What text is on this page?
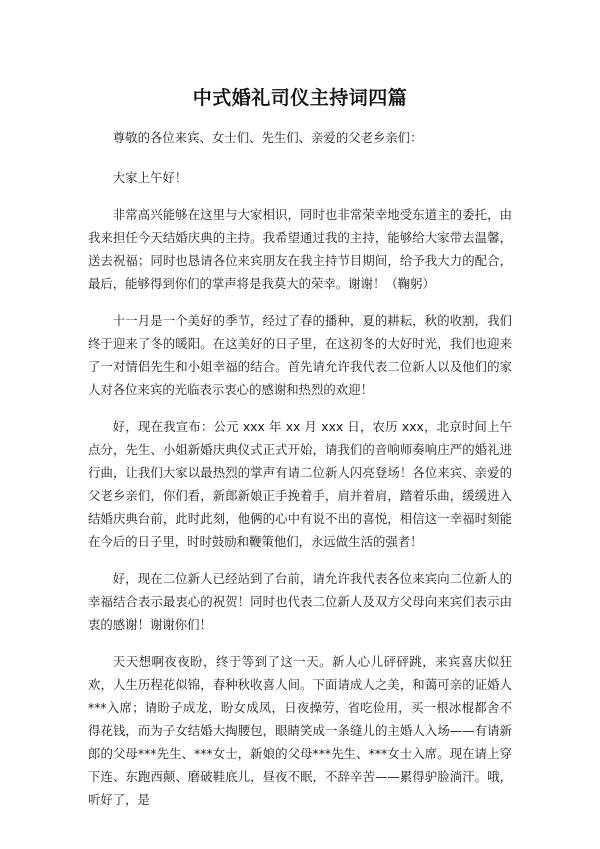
中式婚礼司仪主持词四篇

尊敬的各位来宾、女士们、先生们、亲爱的父老乡亲们：

大家上午好！

非常高兴能够在这里与大家相识，同时也非常荣幸地受东道主的委托，由我来担任今天结婚庆典的主持。我希望通过我的主持，能够给大家带去温馨，送去祝福；同时也恳请各位来宾朋友在我主持节目期间，给予我大力的配合，最后，能够得到你们的掌声将是我莫大的荣幸。谢谢！（鞠躬）

十一月是一个美好的季节，经过了春的播种，夏的耕耘，秋的收割，我们终于迎来了冬的暖阳。在这美好的日子里，在这初冬的大好时光，我们也迎来了一对情侣先生和小姐幸福的结合。首先请允许我代表二位新人以及他们的家人对各位来宾的光临表示衷心的感谢和热烈的欢迎！

好，现在我宣布：公元 xxx 年 xx 月 xxx 日，农历 xxx，北京时间上午点分，先生、小姐新婚庆典仪式正式开始，请我们的音响师奏响庄严的婚礼进行曲，让我们大家以最热烈的掌声有请二位新人闪亮登场！各位来宾、亲爱的父老乡亲们，你们看，新郎新娘正手挽着手，肩并着肩，踏着乐曲，缓缓进入结婚庆典台前，此时此刻，他俩的心中有说不出的喜悦，相信这一幸福时刻能在今后的日子里，时时鼓励和鞭策他们，永远做生活的强者！

好，现在二位新人已经站到了台前，请允许我代表各位来宾向二位新人的幸福结合表示最衷心的祝贺！同时也代表二位新人及双方父母向来宾们表示由衷的感谢！谢谢你们！

天天想啊夜夜盼，终于等到了这一天。新人心儿砰砰跳，来宾喜庆似狂欢，人生历程花似锦，春种秋收喜人间。下面请成人之美，和蔼可亲的证婚人***入席；请盼子成龙，盼女成凤，日夜操劳，省吃俭用，买一根冰棍都舍不得花钱，而为子女结婚大掏腰包，眼睛笑成一条缝儿的主婚人入场——有请新郎的父母***先生、***女士，新娘的父母***先生、***女士入席。现在请上穿下连、东跑西颠、磨破鞋底儿，昼夜不眠，不辞辛苦——累得驴脸淌汗。哦，听好了，是
